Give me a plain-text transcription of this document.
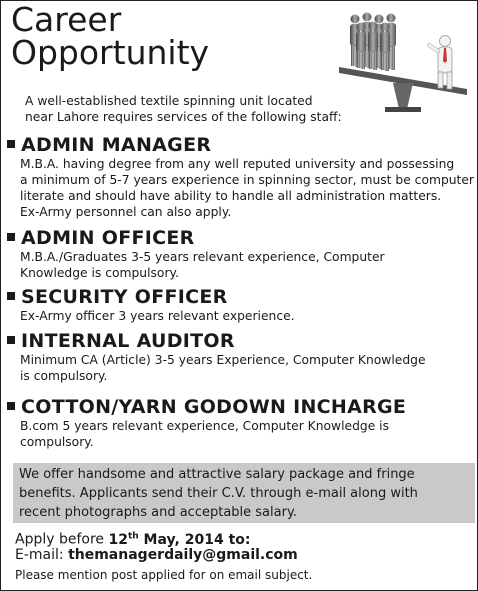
Career
Opportunity
A well-established textile spinning unit located
near Lahore requires services of the following staff:
ADMIN MANAGER
M.B.A. having degree from any well reputed university and possessing
a minimum of 5-7 years experience in spinning sector, must be computer
literate and should have ability to handle all administration matters.
Ex-Army personnel can also apply.
ADMIN OFFICER
M.B.A./Graduates 3-5 years relevant experience, Computer
Knowledge is compulsory.
SECURITY OFFICER
Ex-Army officer 3 years relevant experience.
INTERNAL AUDITOR
Minimum CA (Article) 3-5 years Experience, Computer Knowledge
is compulsory.
COTTON/YARN GODOWN INCHARGE
B.com 5 years relevant experience, Computer Knowledge is
compulsory.
We offer handsome and attractive salary package and fringe
benefits. Applicants send their C.V. through e-mail along with
recent photographs and acceptable salary.
Apply before 12th May, 2014 to:
E-mail: themanagerdaily@gmail.com
Please mention post applied for on email subject.
